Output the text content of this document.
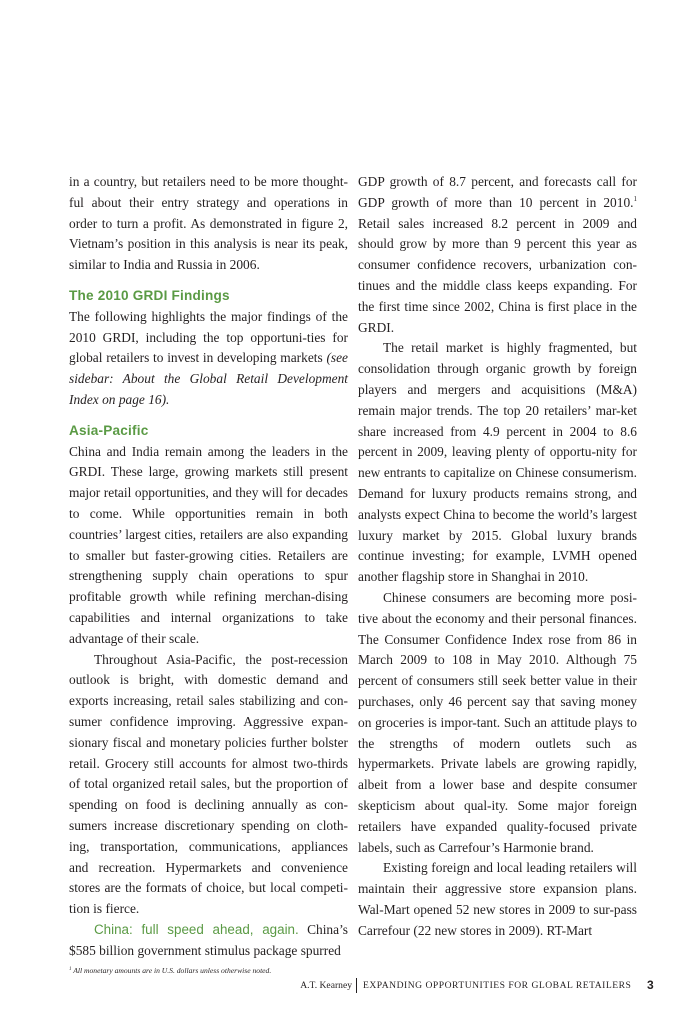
in a country, but retailers need to be more thought-ful about their entry strategy and operations in order to turn a profit. As demonstrated in figure 2, Vietnam’s position in this analysis is near its peak, similar to India and Russia in 2006.

The 2010 GRDI Findings

The following highlights the major findings of the 2010 GRDI, including the top opportuni-ties for global retailers to invest in developing markets (see sidebar: About the Global Retail Development Index on page 16).

Asia-Pacific

China and India remain among the leaders in the GRDI. These large, growing markets still present major retail opportunities, and they will for decades to come. While opportunities remain in both countries’ largest cities, retailers are also expanding to smaller but faster-growing cities. Retailers are strengthening supply chain operations to spur profitable growth while refining merchan-dising capabilities and internal organizations to take advantage of their scale.

Throughout Asia-Pacific, the post-recession outlook is bright, with domestic demand and exports increasing, retail sales stabilizing and con-sumer confidence improving. Aggressive expan-sionary fiscal and monetary policies further bolster retail. Grocery still accounts for almost two-thirds of total organized retail sales, but the proportion of spending on food is declining annually as con-sumers increase discretionary spending on cloth-ing, transportation, communications, appliances and recreation. Hypermarkets and convenience stores are the formats of choice, but local competi-tion is fierce.

China: full speed ahead, again. China’s $585 billion government stimulus package spurred

$^1$ All monetary amounts are in U.S. dollars unless otherwise noted.

GDP growth of 8.7 percent, and forecasts call for GDP growth of more than 10 percent in 2010.$^1$ Retail sales increased 8.2 percent in 2009 and should grow by more than 9 percent this year as consumer confidence recovers, urbanization con-tinues and the middle class keeps expanding. For the first time since 2002, China is first place in the GRDI.

The retail market is highly fragmented, but consolidation through organic growth by foreign players and mergers and acquisitions (M&A) remain major trends. The top 20 retailers’ mar-ket share increased from 4.9 percent in 2004 to 8.6 percent in 2009, leaving plenty of opportu-nity for new entrants to capitalize on Chinese consumerism. Demand for luxury products remains strong, and analysts expect China to become the world’s largest luxury market by 2015. Global luxury brands continue investing; for example, LVMH opened another flagship store in Shanghai in 2010.

Chinese consumers are becoming more posi-tive about the economy and their personal finances. The Consumer Confidence Index rose from 86 in March 2009 to 108 in May 2010. Although 75 percent of consumers still seek better value in their purchases, only 46 percent say that saving money on groceries is impor-tant. Such an attitude plays to the strengths of modern outlets such as hypermarkets. Private labels are growing rapidly, albeit from a lower base and despite consumer skepticism about qual-ity. Some major foreign retailers have expanded quality-focused private labels, such as Carrefour’s Harmonie brand.

Existing foreign and local leading retailers will maintain their aggressive store expansion plans. Wal-Mart opened 52 new stores in 2009 to sur-pass Carrefour (22 new stores in 2009). RT-Mart

A.T. Kearney EXPANDING OPPORTUNITIES FOR GLOBAL RETAILERS 3
